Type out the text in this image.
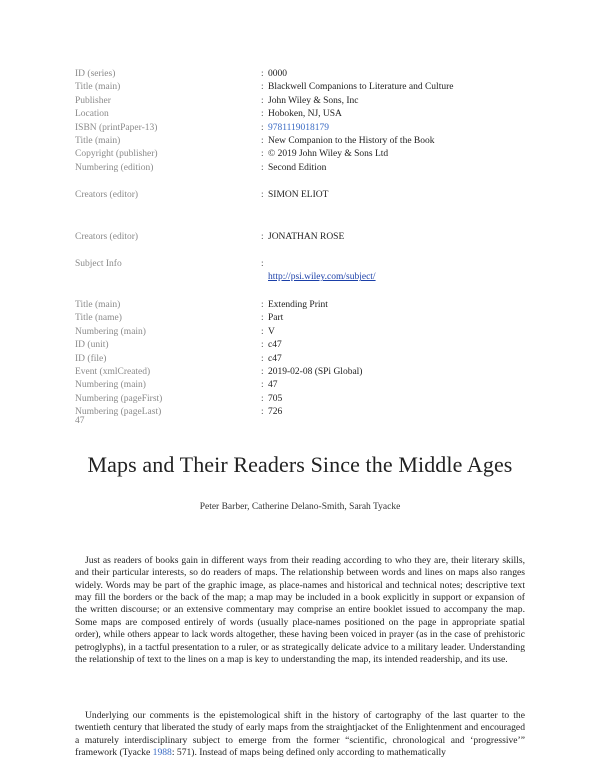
ID (series)	: 0000
Title (main)	: Blackwell Companions to Literature and Culture
Publisher	: John Wiley & Sons, Inc
Location	: Hoboken, NJ, USA
ISBN (printPaper-13)	: 9781119018179
Title (main)	: New Companion to the History of the Book
Copyright (publisher)	: © 2019 John Wiley & Sons Ltd
Numbering (edition)	: Second Edition
Creators (editor)	: SIMON ELIOT
Creators (editor)	: JONATHAN ROSE
Subject Info	:
http://psi.wiley.com/subject/
Title (main)	: Extending Print
Title (name)	: Part
Numbering (main)	: V
ID (unit)	: c47
ID (file)	: c47
Event (xmlCreated)	: 2019-02-08 (SPi Global)
Numbering (main)	: 47
Numbering (pageFirst)	: 705
Numbering (pageLast)	: 726
47
Maps and Their Readers Since the Middle Ages
Peter Barber, Catherine Delano-Smith, Sarah Tyacke

Just as readers of books gain in different ways from their reading according to who they are, their literary skills, and their particular interests, so do readers of maps. The relationship between words and lines on maps also ranges widely. Words may be part of the graphic image, as place-names and historical and technical notes; descriptive text may fill the borders or the back of the map; a map may be included in a book explicitly in support or expansion of the written discourse; or an extensive commentary may comprise an entire booklet issued to accompany the map. Some maps are composed entirely of words (usually place-names positioned on the page in appropriate spatial order), while others appear to lack words altogether, these having been voiced in prayer (as in the case of prehistoric petroglyphs), in a tactful presentation to a ruler, or as strategically delicate advice to a military leader. Understanding the relationship of text to the lines on a map is key to understanding the map, its intended readership, and its use.

Underlying our comments is the epistemological shift in the history of cartography of the last quarter to the twentieth century that liberated the study of early maps from the straightjacket of the Enlightenment and encouraged a maturely interdisciplinary subject to emerge from the former “scientific, chronological and ‘progressive’” framework (Tyacke 1988: 571). Instead of maps being defined only according to mathematically
